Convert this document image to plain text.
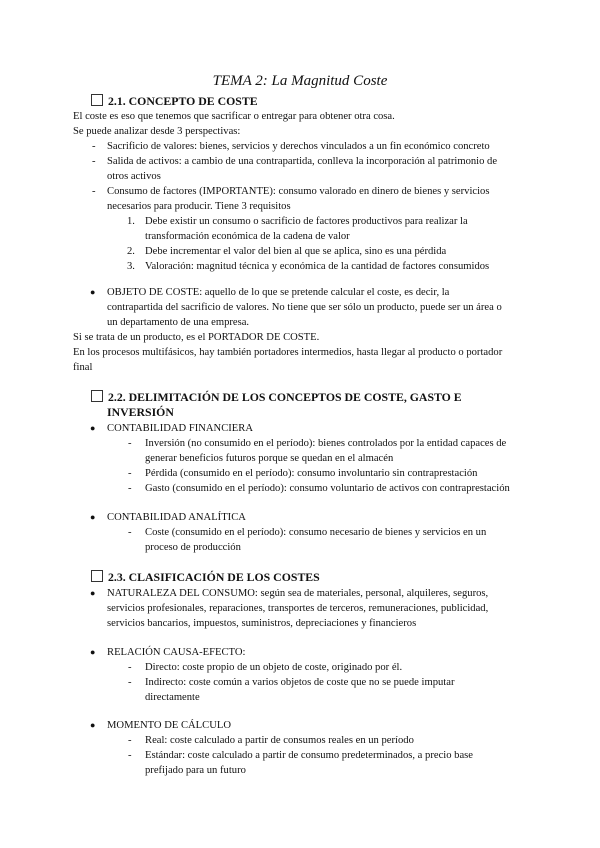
TEMA 2: La Magnitud Coste
2.1. CONCEPTO DE COSTE
El coste es eso que tenemos que sacrificar o entregar para obtener otra cosa.
Se puede analizar desde 3 perspectivas:
- Sacrificio de valores: bienes, servicios y derechos vinculados a un fin económico concreto
- Salida de activos: a cambio de una contrapartida, conlleva la incorporación al patrimonio de
otros activos
- Consumo de factores (IMPORTANTE): consumo valorado en dinero de bienes y servicios
necesarios para producir. Tiene 3 requisitos
1. Debe existir un consumo o sacrificio de factores productivos para realizar la
transformación económica de la cadena de valor
2. Debe incrementar el valor del bien al que se aplica, sino es una pérdida
3. Valoración: magnitud técnica y económica de la cantidad de factores consumidos
● OBJETO DE COSTE: aquello de lo que se pretende calcular el coste, es decir, la
contrapartida del sacrificio de valores. No tiene que ser sólo un producto, puede ser un área o
un departamento de una empresa.
Si se trata de un producto, es el PORTADOR DE COSTE.
En los procesos multifásicos, hay también portadores intermedios, hasta llegar al producto o portador
final
2.2. DELIMITACIÓN DE LOS CONCEPTOS DE COSTE, GASTO E
INVERSIÓN
● CONTABILIDAD FINANCIERA
- Inversión (no consumido en el período): bienes controlados por la entidad capaces de
generar beneficios futuros porque se quedan en el almacén
- Pérdida (consumido en el período): consumo involuntario sin contraprestación
- Gasto (consumido en el período): consumo voluntario de activos con contraprestación
● CONTABILIDAD ANALÍTICA
- Coste (consumido en el período): consumo necesario de bienes y servicios en un
proceso de producción
2.3. CLASIFICACIÓN DE LOS COSTES
● NATURALEZA DEL CONSUMO: según sea de materiales, personal, alquileres, seguros,
servicios profesionales, reparaciones, transportes de terceros, remuneraciones, publicidad,
servicios bancarios, impuestos, suministros, depreciaciones y financieros
● RELACIÓN CAUSA-EFECTO:
- Directo: coste propio de un objeto de coste, originado por él.
- Indirecto: coste común a varios objetos de coste que no se puede imputar
directamente
● MOMENTO DE CÁLCULO
- Real: coste calculado a partir de consumos reales en un período
- Estándar: coste calculado a partir de consumo predeterminados, a precio base
prefijado para un futuro
